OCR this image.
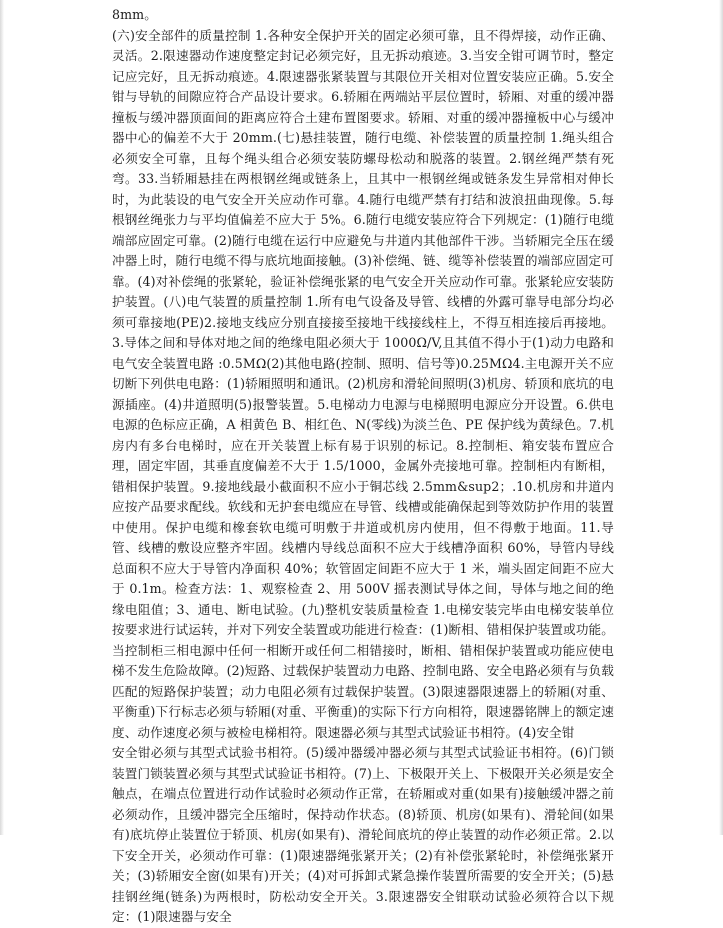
8mm。

(六)安全部件的质量控制 1.各种安全保护开关的固定必须可靠，且不得焊接，动作正确、灵活。2.限速器动作速度整定封记必须完好，且无拆动痕迹。3.当安全钳可调节时，整定记应完好，且无拆动痕迹。4.限速器张紧装置与其限位开关相对位置安装应正确。5.安全钳与导轨的间隙应符合产品设计要求。6.轿厢在两端站平层位置时，轿厢、对重的缓冲器撞板与缓冲器顶面间的距离应符合土建布置图要求。轿厢、对重的缓冲器撞板中心与缓冲器中心的偏差不大于 20mm.(七)悬挂装置，随行电缆、补偿装置的质量控制 1.绳头组合必须安全可靠，且每个绳头组合必须安装防螺母松动和脱落的装置。2.钢丝绳严禁有死弯。33.当轿厢悬挂在两根钢丝绳或链条上，且其中一根钢丝绳或链条发生异常相对伸长时，为此装设的电气安全开关应动作可靠。4.随行电缆严禁有打结和波浪扭曲现像。5.每根钢丝绳张力与平均值偏差不应大于 5%。6.随行电缆安装应符合下列规定：(1)随行电缆端部应固定可靠。(2)随行电缆在运行中应避免与井道内其他部件干涉。当轿厢完全压在缓冲器上时，随行电缆不得与底坑地面接触。(3)补偿绳、链、缆等补偿装置的端部应固定可靠。(4)对补偿绳的张紧轮，验证补偿绳张紧的电气安全开关应动作可靠。张紧轮应安装防护装置。(八)电气装置的质量控制 1.所有电气设备及导管、线槽的外露可靠导电部分均必须可靠接地(PE)2.接地支线应分别直接接至接地干线接线柱上，不得互相连接后再接地。3.导体之间和导体对地之间的绝缘电阻必须大于 1000Ω/V,且其值不得小于(1)动力电路和电气安全装置电路 :0.5MΩ(2)其他电路(控制、照明、信号等)0.25MΩ4.主电源开关不应切断下列供电电路：(1)轿厢照明和通讯。(2)机房和滑轮间照明(3)机房、轿顶和底坑的电源插座。(4)井道照明(5)报警装置。5.电梯动力电源与电梯照明电源应分开设置。6.供电电源的色标应正确，A 相黄色 B、相红色、N(零线)为淡兰色、PE 保护线为黄绿色。7.机房内有多台电梯时，应在开关装置上标有易于识别的标记。8.控制柜、箱安装布置应合理，固定牢固，其垂直度偏差不大于 1.5/1000，金属外壳接地可靠。控制柜内有断相，错相保护装置。9.接地线最小截面积不应小于铜芯线 2.5mm&sup2；.10.机房和井道内应按产品要求配线。软线和无护套电缆应在导管、线槽或能确保起到等效防护作用的装置中使用。保护电缆和橡套软电缆可明敷于井道或机房内使用，但不得敷于地面。11.导管、线槽的敷设应整齐牢固。线槽内导线总面积不应大于线槽净面积 60%，导管内导线总面积不应大于导管内净面积 40%；软管固定间距不应大于 1 米，端头固定间距不应大于 0.1m。检查方法：1、观察检查 2、用 500V 摇表测试导体之间，导体与地之间的绝缘电阻值；3、通电、断电试验。(九)整机安装质量检查 1.电梯安装完毕由电梯安装单位按要求进行试运转，并对下列安全装置或功能进行检查：(1)断相、错相保护装置或功能。当控制柜三相电源中任何一相断开或任何二相错接时，断相、错相保护装置或功能应使电梯不发生危险故障。(2)短路、过载保护装置动力电路、控制电路、安全电路必须有与负载匹配的短路保护装置；动力电阻必须有过载保护装置。(3)限速器限速器上的轿厢(对重、平衡重)下行标志必须与轿厢(对重、平衡重)的实际下行方向相符，限速器铭牌上的额定速度、动作速度必须与被检电梯相符。限速器必须与其型式试验证书相符。(4)安全钳

安全钳必须与其型式试验书相符。(5)缓冲器缓冲器必须与其型式试验证书相符。(6)门锁装置门锁装置必须与其型式试验证书相符。(7)上、下极限开关上、下极限开关必须是安全触点，在端点位置进行动作试验时必须动作正常，在轿厢或对重(如果有)接触缓冲器之前必须动作，且缓冲器完全压缩时，保持动作状态。(8)轿顶、机房(如果有)、滑轮间(如果有)底坑停止装置位于轿顶、机房(如果有)、滑轮间底坑的停止装置的动作必须正常。2.以下安全开关，必须动作可靠：(1)限速器绳张紧开关；(2)有补偿张紧轮时，补偿绳张紧开关；(3)轿厢安全窗(如果有)开关；(4)对可拆卸式紧急操作装置所需要的安全开关；(5)悬挂钢丝绳(链条)为两根时，防松动安全开关。3.限速器安全钳联动试验必须符合以下规定：(1)限速器与安全
